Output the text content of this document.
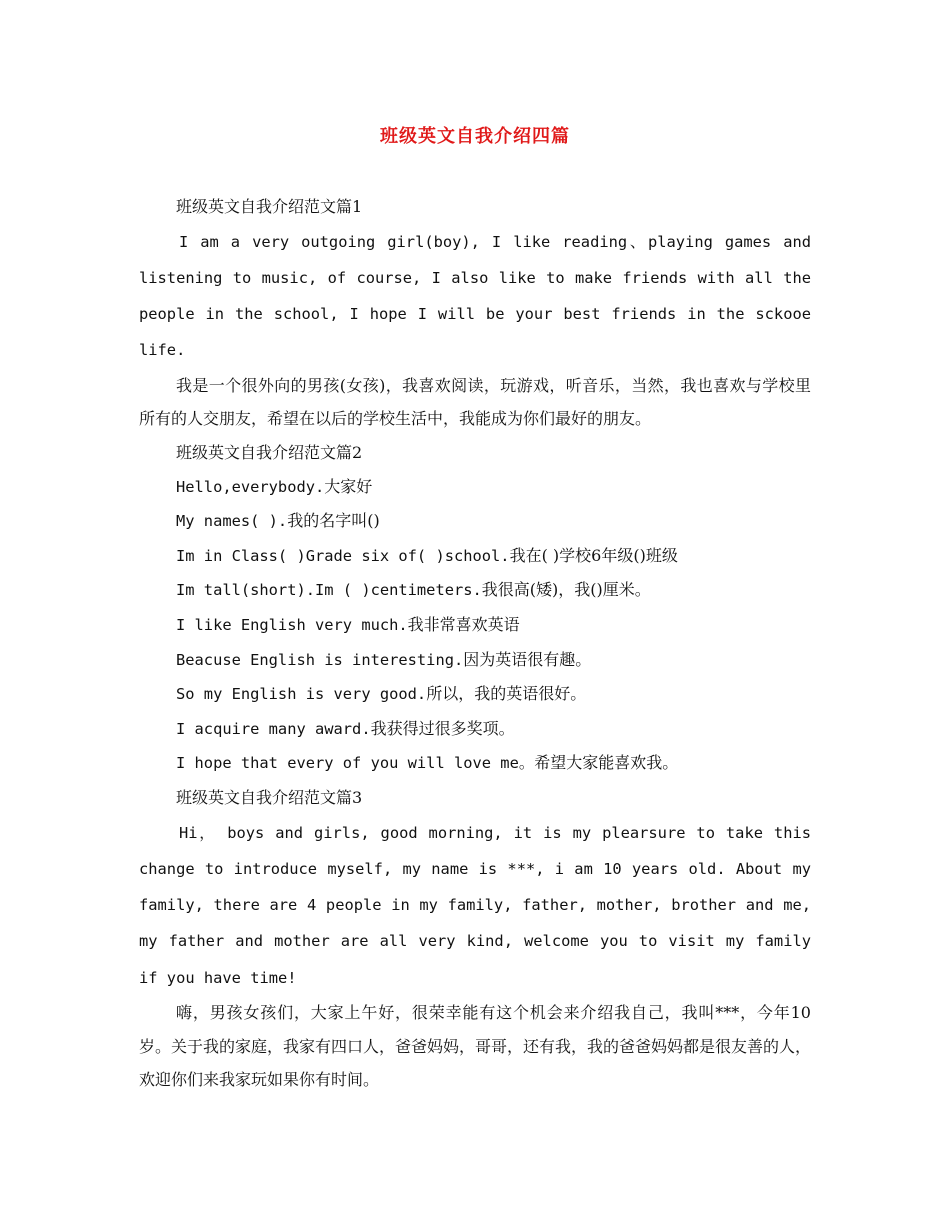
班级英文自我介绍四篇

班级英文自我介绍范文篇1

I am a very outgoing girl(boy), I like reading、playing games and listening to music, of course, I also like to make friends with all the people in the school, I hope I will be your best friends in the sckooe life.

我是一个很外向的男孩(女孩)，我喜欢阅读，玩游戏，听音乐，当然，我也喜欢与学校里所有的人交朋友，希望在以后的学校生活中，我能成为你们最好的朋友。

班级英文自我介绍范文篇2

Hello,everybody.大家好

My names( ).我的名字叫()

Im in Class( )Grade six of( )school.我在( )学校6年级()班级

Im tall(short).Im ( )centimeters.我很高(矮)，我()厘米。

I like English very much.我非常喜欢英语

Beacuse English is interesting.因为英语很有趣。

So my English is very good.所以，我的英语很好。

I acquire many award.我获得过很多奖项。

I hope that every of you will love me。希望大家能喜欢我。

班级英文自我介绍范文篇3

Hi， boys and girls, good morning, it is my plearsure to take this change to introduce myself, my name is ***, i am 10 years old. About my family, there are 4 people in my family, father, mother, brother and me, my father and mother are all very kind, welcome you to visit my family if you have time!

嗨，男孩女孩们，大家上午好，很荣幸能有这个机会来介绍我自己，我叫***，今年10岁。关于我的家庭，我家有四口人，爸爸妈妈，哥哥，还有我，我的爸爸妈妈都是很友善的人，欢迎你们来我家玩如果你有时间。
